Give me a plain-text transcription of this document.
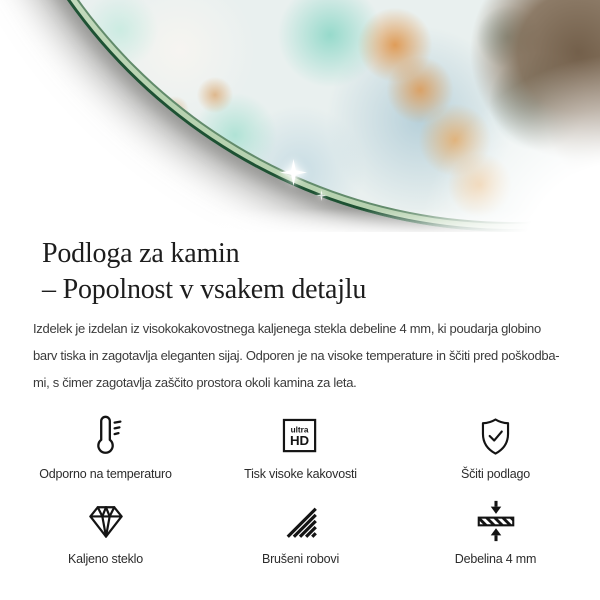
Podloga za kamin
– Popolnost v vsakem detajlu
Izdelek je izdelan iz visokokakovostnega kaljenega stekla debeline 4 mm, ki poudarja globino
barv tiska in zagotavlja eleganten sijaj. Odporen je na visoke temperature in ščiti pred poškodba-
mi, s čimer zagotavlja zaščito prostora okoli kamina za leta.
Odporno na temperaturo
ultra
HD
Tisk visoke kakovosti	Ščiti podlago
Kaljeno steklo	Brušeni robovi	Debelina 4 mm
